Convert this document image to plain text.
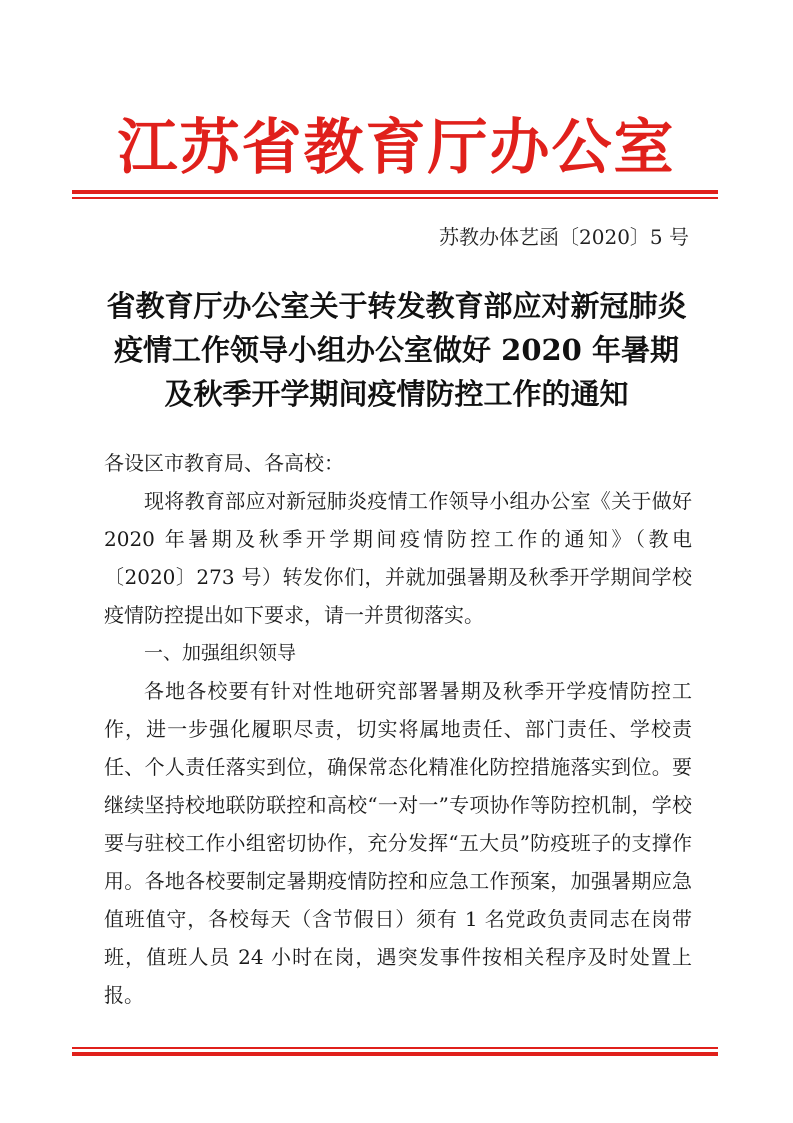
江苏省教育厅办公室
苏教办体艺函〔2020〕5 号
省教育厅办公室关于转发教育部应对新冠肺炎
疫情工作领导小组办公室做好 2020 年暑期
及秋季开学期间疫情防控工作的通知

各设区市教育局、各高校：

现将教育部应对新冠肺炎疫情工作领导小组办公室《关于做好 2020 年暑期及秋季开学期间疫情防控工作的通知》（教电〔2020〕273 号）转发你们，并就加强暑期及秋季开学期间学校疫情防控提出如下要求，请一并贯彻落实。

一、加强组织领导

各地各校要有针对性地研究部署暑期及秋季开学疫情防控工作，进一步强化履职尽责，切实将属地责任、部门责任、学校责任、个人责任落实到位，确保常态化精准化防控措施落实到位。要继续坚持校地联防联控和高校“一对一”专项协作等防控机制，学校要与驻校工作小组密切协作，充分发挥“五大员”防疫班子的支撑作用。各地各校要制定暑期疫情防控和应急工作预案，加强暑期应急值班值守，各校每天（含节假日）须有 1 名党政负责同志在岗带班，值班人员 24 小时在岗，遇突发事件按相关程序及时处置上报。
